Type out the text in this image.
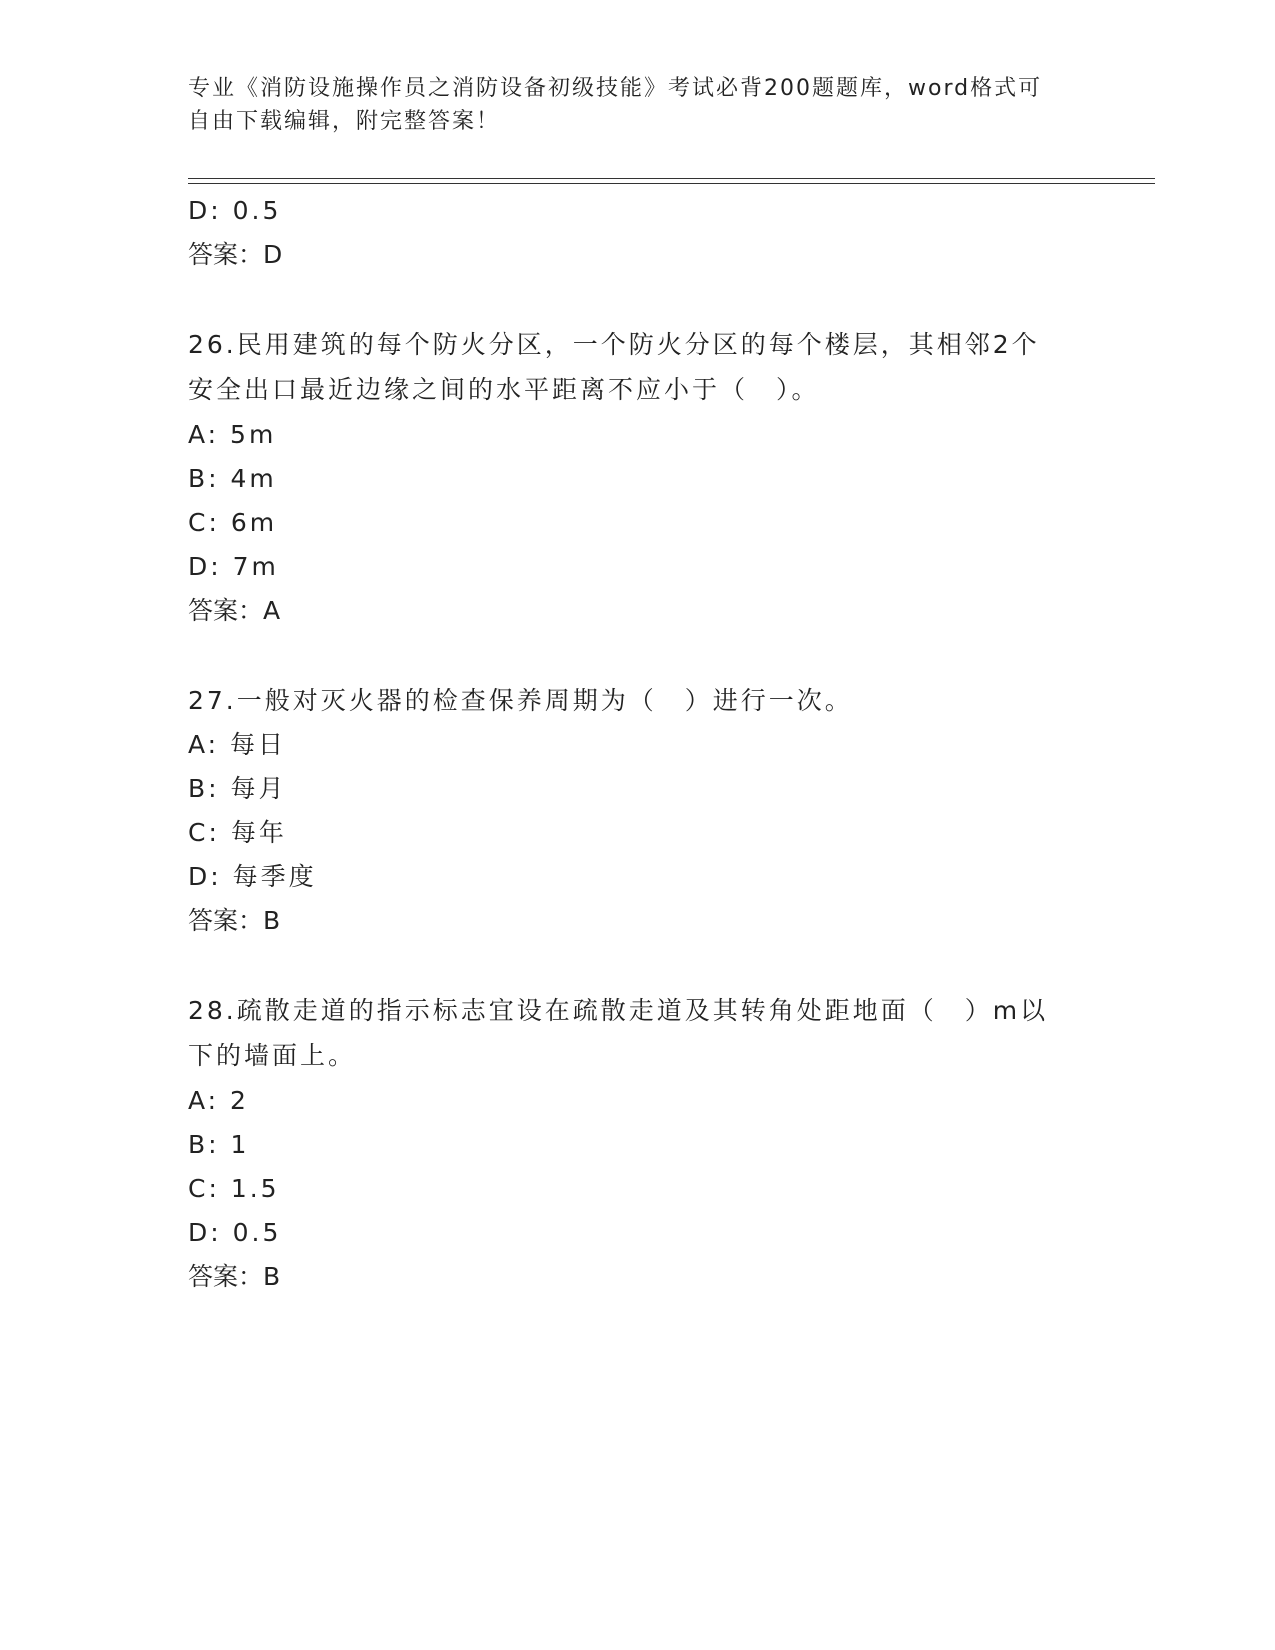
专业《消防设施操作员之消防设备初级技能》考试必背200题题库，word格式可
自由下载编辑，附完整答案！
D: 0.5
答案：D
26.民用建筑的每个防火分区，一个防火分区的每个楼层，其相邻2个
安全出口最近边缘之间的水平距离不应小于（　）。
A: 5m
B: 4m
C: 6m
D: 7m
答案：A
27.一般对灭火器的检查保养周期为（　）进行一次。
A: 每日
B: 每月
C: 每年
D: 每季度
答案：B
28.疏散走道的指示标志宜设在疏散走道及其转角处距地面（　）m以
下的墙面上。
A: 2
B: 1
C: 1.5
D: 0.5
答案：B
